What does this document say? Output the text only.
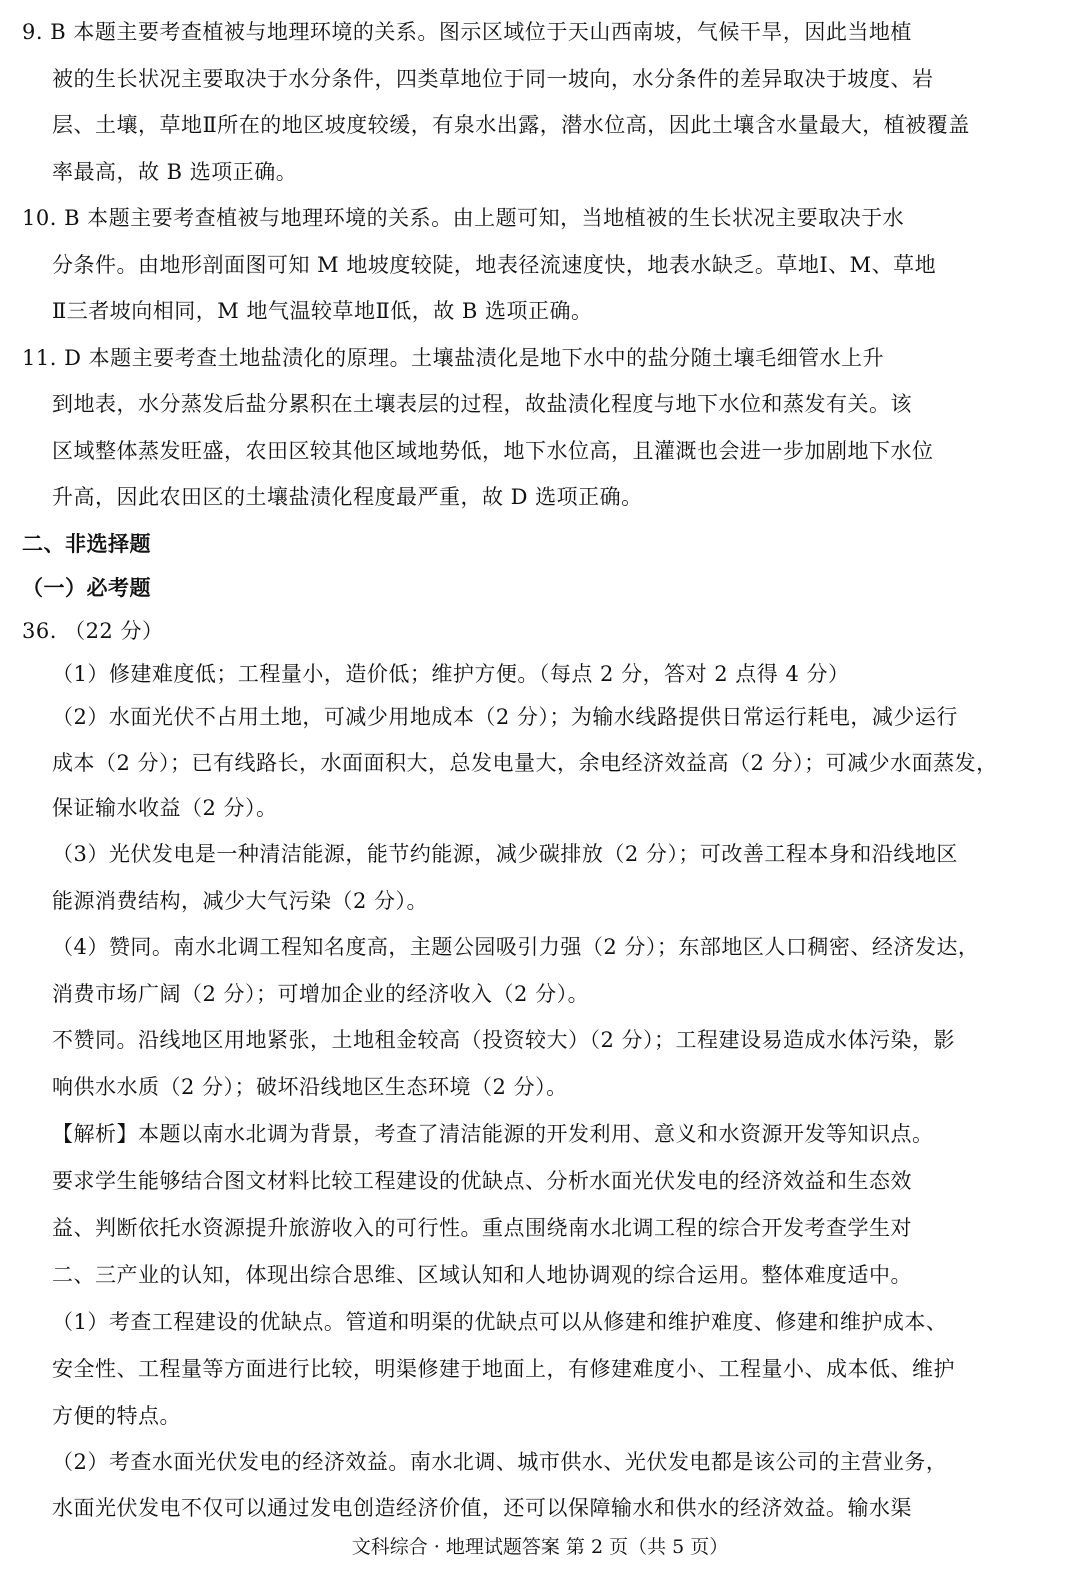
9. B 本题主要考查植被与地理环境的关系。图示区域位于天山西南坡，气候干旱，因此当地植
被的生长状况主要取决于水分条件，四类草地位于同一坡向，水分条件的差异取决于坡度、岩
层、土壤，草地Ⅱ所在的地区坡度较缓，有泉水出露，潜水位高，因此土壤含水量最大，植被覆盖
率最高，故 B 选项正确。
10. B 本题主要考查植被与地理环境的关系。由上题可知，当地植被的生长状况主要取决于水
分条件。由地形剖面图可知 M 地坡度较陡，地表径流速度快，地表水缺乏。草地Ⅰ、M、草地
Ⅱ三者坡向相同，M 地气温较草地Ⅱ低，故 B 选项正确。
11. D 本题主要考查土地盐渍化的原理。土壤盐渍化是地下水中的盐分随土壤毛细管水上升
到地表，水分蒸发后盐分累积在土壤表层的过程，故盐渍化程度与地下水位和蒸发有关。该
区域整体蒸发旺盛，农田区较其他区域地势低，地下水位高，且灌溉也会进一步加剧地下水位
升高，因此农田区的土壤盐渍化程度最严重，故 D 选项正确。
二、非选择题
（一）必考题
36. （22 分）
（1）修建难度低；工程量小，造价低；维护方便。（每点 2 分，答对 2 点得 4 分）
（2）水面光伏不占用土地，可减少用地成本（2 分）；为输水线路提供日常运行耗电，减少运行
成本（2 分）；已有线路长，水面面积大，总发电量大，余电经济效益高（2 分）；可减少水面蒸发，
保证输水收益（2 分）。
（3）光伏发电是一种清洁能源，能节约能源，减少碳排放（2 分）；可改善工程本身和沿线地区
能源消费结构，减少大气污染（2 分）。
（4）赞同。南水北调工程知名度高，主题公园吸引力强（2 分）；东部地区人口稠密、经济发达，
消费市场广阔（2 分）；可增加企业的经济收入（2 分）。
不赞同。沿线地区用地紧张，土地租金较高（投资较大）（2 分）；工程建设易造成水体污染，影
响供水水质（2 分）；破坏沿线地区生态环境（2 分）。
【解析】本题以南水北调为背景，考查了清洁能源的开发利用、意义和水资源开发等知识点。
要求学生能够结合图文材料比较工程建设的优缺点、分析水面光伏发电的经济效益和生态效
益、判断依托水资源提升旅游收入的可行性。重点围绕南水北调工程的综合开发考查学生对
二、三产业的认知，体现出综合思维、区域认知和人地协调观的综合运用。整体难度适中。
（1）考查工程建设的优缺点。管道和明渠的优缺点可以从修建和维护难度、修建和维护成本、
安全性、工程量等方面进行比较，明渠修建于地面上，有修建难度小、工程量小、成本低、维护
方便的特点。
（2）考查水面光伏发电的经济效益。南水北调、城市供水、光伏发电都是该公司的主营业务，
水面光伏发电不仅可以通过发电创造经济价值，还可以保障输水和供水的经济效益。输水渠
文科综合 · 地理试题答案 第 2 页（共 5 页）
